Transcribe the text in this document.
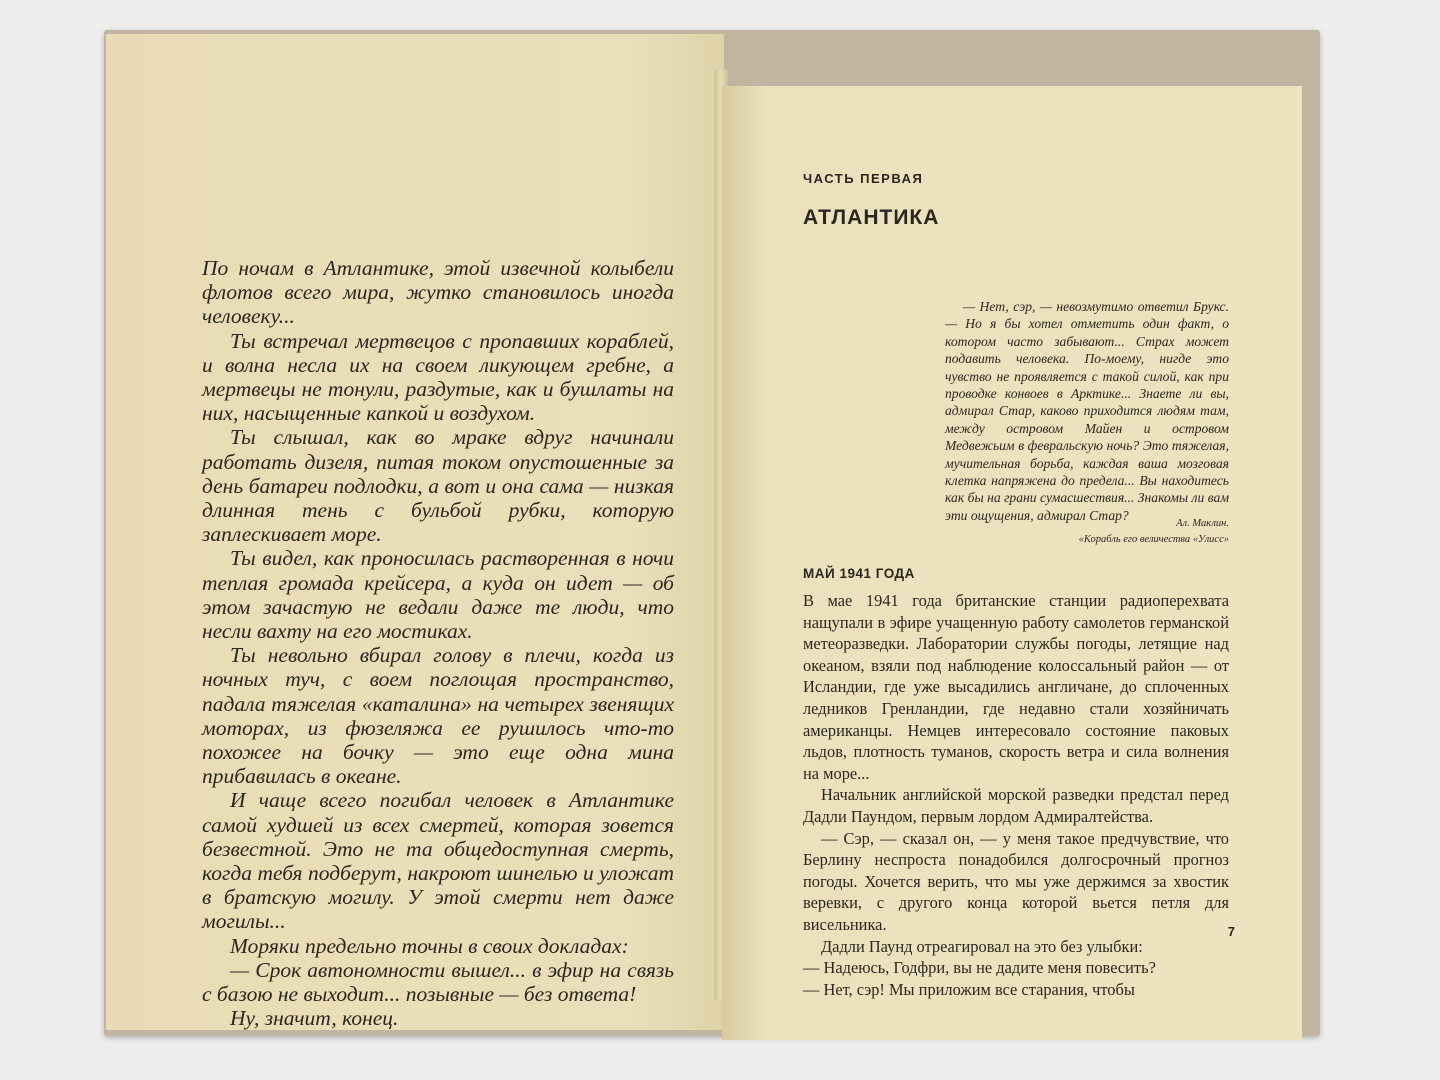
По ночам в Атлантике, этой извечной колыбели флотов всего мира, жутко становилось иногда человеку...

Ты встречал мертвецов с пропавших кораблей, и волна несла их на своем ликующем гребне, а мертвецы не тонули, раздутые, как и бушлаты на них, насыщенные капкой и воздухом.

Ты слышал, как во мраке вдруг начинали работать дизеля, питая током опустошенные за день батареи подлодки, а вот и она сама — низкая длинная тень с бульбой рубки, которую заплескивает море.

Ты видел, как проносилась растворенная в ночи теплая громада крейсера, а куда он идет — об этом зачастую не ведали даже те люди, что несли вахту на его мостиках.

Ты невольно вбирал голову в плечи, когда из ночных туч, с воем поглощая пространство, падала тяжелая «каталина» на четырех звенящих моторах, из фюзеляжа ее рушилось что-то похожее на бочку — это еще одна мина прибавилась в океане.

И чаще всего погибал человек в Атлантике самой худшей из всех смертей, которая зовется безвестной. Это не та общедоступная смерть, когда тебя подберут, накроют шинелью и уложат в братскую могилу. У этой смерти нет даже могилы...

Моряки предельно точны в своих докладах:

— Срок автономности вышел... в эфир на связь с базою не выходит... позывные — без ответа!

Ну, значит, конец.

ЧАСТЬ ПЕРВАЯ
АТЛАНТИКА

— Нет, сэр, — невозмутимо ответил Брукс. — Но я бы хотел отметить один факт, о котором часто забывают... Страх может подавить человека. По-моему, нигде это чувство не проявляется с такой силой, как при проводке конвоев в Арктике... Знаете ли вы, адмирал Стар, каково приходится людям там, между островом Майен и островом Медвежьим в февральскую ночь? Это тяжелая, мучительная борьба, каждая ваша мозговая клетка напряжена до предела... Вы находитесь как бы на грани сумасшествия... Знакомы ли вам эти ощущения, адмирал Стар?

Ал. Маклин.
«Корабль его величества «Улисс»
МАЙ 1941 ГОДА

В мае 1941 года британские станции радиоперехвата нащупали в эфире учащенную работу самолетов германской метеоразведки. Лаборатории службы погоды, летящие над океаном, взяли под наблюдение колоссальный район — от Исландии, где уже высадились англичане, до сплоченных ледников Гренландии, где недавно стали хозяйничать американцы. Немцев интересовало состояние паковых льдов, плотность туманов, скорость ветра и сила волнения на море...

Начальник английской морской разведки предстал перед Дадли Паундом, первым лордом Адмиралтейства.

— Сэр, — сказал он, — у меня такое предчувствие, что Берлину неспроста понадобился долгосрочный прогноз погоды. Хочется верить, что мы уже держимся за хвостик веревки, с другого конца которой вьется петля для висельника.

Дадли Паунд отреагировал на это без улыбки:

— Надеюсь, Годфри, вы не дадите меня повесить?

— Нет, сэр! Мы приложим все старания, чтобы

7
